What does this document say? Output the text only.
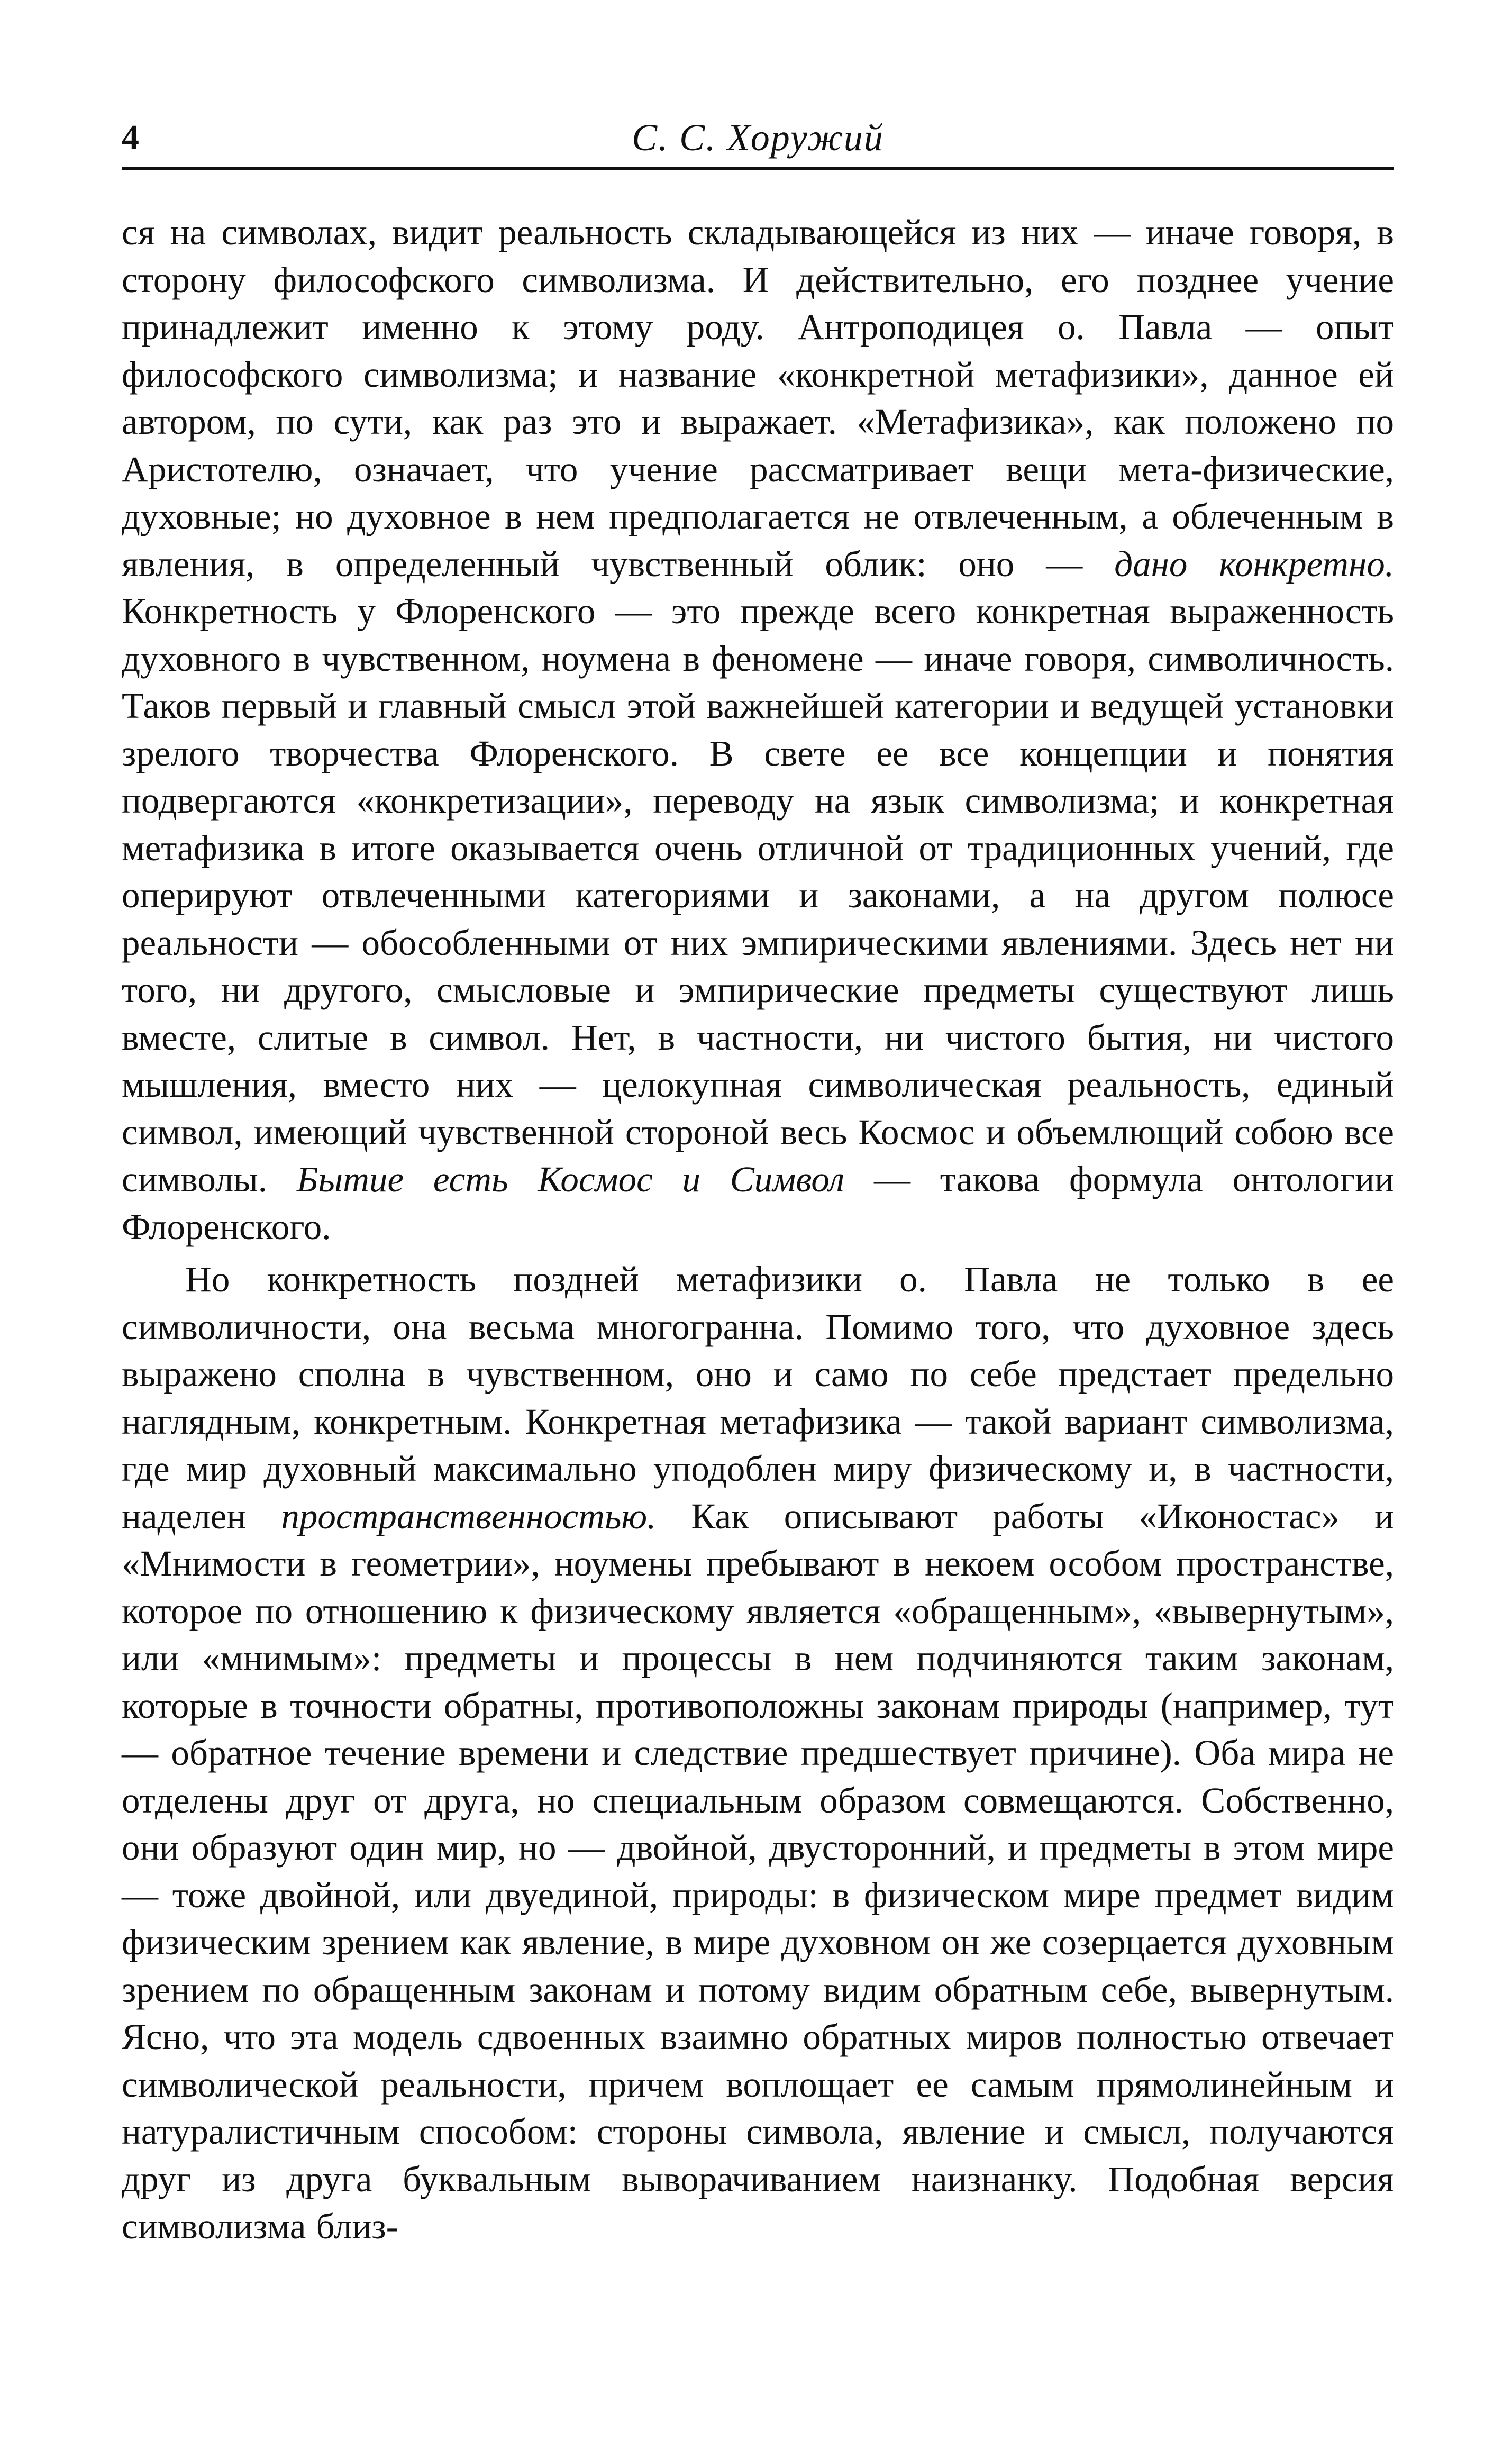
4	С. С. Хоружий

ся на символах, видит реальность складывающейся из них — иначе говоря, в сторону философского символизма. И действительно, его позднее учение принадлежит именно к этому роду. Антроподицея о. Павла — опыт философского символизма; и название «конкретной метафизики», данное ей автором, по сути, как раз это и выражает. «Метафизика», как положено по Аристотелю, означает, что учение рассматривает вещи мета-физические, духовные; но духовное в нем предполагается не отвлеченным, а облеченным в явления, в определенный чувственный облик: оно — дано конкретно. Конкретность у Флоренского — это прежде всего конкретная выраженность духовного в чувственном, ноумена в феномене — иначе говоря, символичность. Таков первый и главный смысл этой важнейшей категории и ведущей установки зрелого творчества Флоренского. В свете ее все концепции и понятия подвергаются «конкретизации», переводу на язык символизма; и конкретная метафизика в итоге оказывается очень отличной от традиционных учений, где оперируют отвлеченными категориями и законами, а на другом полюсе реальности — обособленными от них эмпирическими явлениями. Здесь нет ни того, ни другого, смысловые и эмпирические предметы существуют лишь вместе, слитые в символ. Нет, в частности, ни чистого бытия, ни чистого мышления, вместо них — целокупная символическая реальность, единый символ, имеющий чувственной стороной весь Космос и объемлющий собою все символы. Бытие есть Космос и Символ — такова формула онтологии Флоренского.

Но конкретность поздней метафизики о. Павла не только в ее символичности, она весьма многогранна. Помимо того, что духовное здесь выражено сполна в чувственном, оно и само по себе предстает предельно наглядным, конкретным. Конкретная метафизика — такой вариант символизма, где мир духовный максимально уподоблен миру физическому и, в частности, наделен пространственностью. Как описывают работы «Иконостас» и «Мнимости в геометрии», ноумены пребывают в некоем особом пространстве, которое по отношению к физическому является «обращенным», «вывернутым», или «мнимым»: предметы и процессы в нем подчиняются таким законам, которые в точности обратны, противоположны законам природы (например, тут — обратное течение времени и следствие предшествует причине). Оба мира не отделены друг от друга, но специальным образом совмещаются. Собственно, они образуют один мир, но — двойной, двусторонний, и предметы в этом мире — тоже двойной, или двуединой, природы: в физическом мире предмет видим физическим зрением как явление, в мире духовном он же созерцается духовным зрением по обращенным законам и потому видим обратным себе, вывернутым. Ясно, что эта модель сдвоенных взаимно обратных миров полностью отвечает символической реальности, причем воплощает ее самым прямолинейным и натуралистичным способом: стороны символа, явление и смысл, получаются друг из друга буквальным выворачиванием наизнанку. Подобная версия символизма близ-
